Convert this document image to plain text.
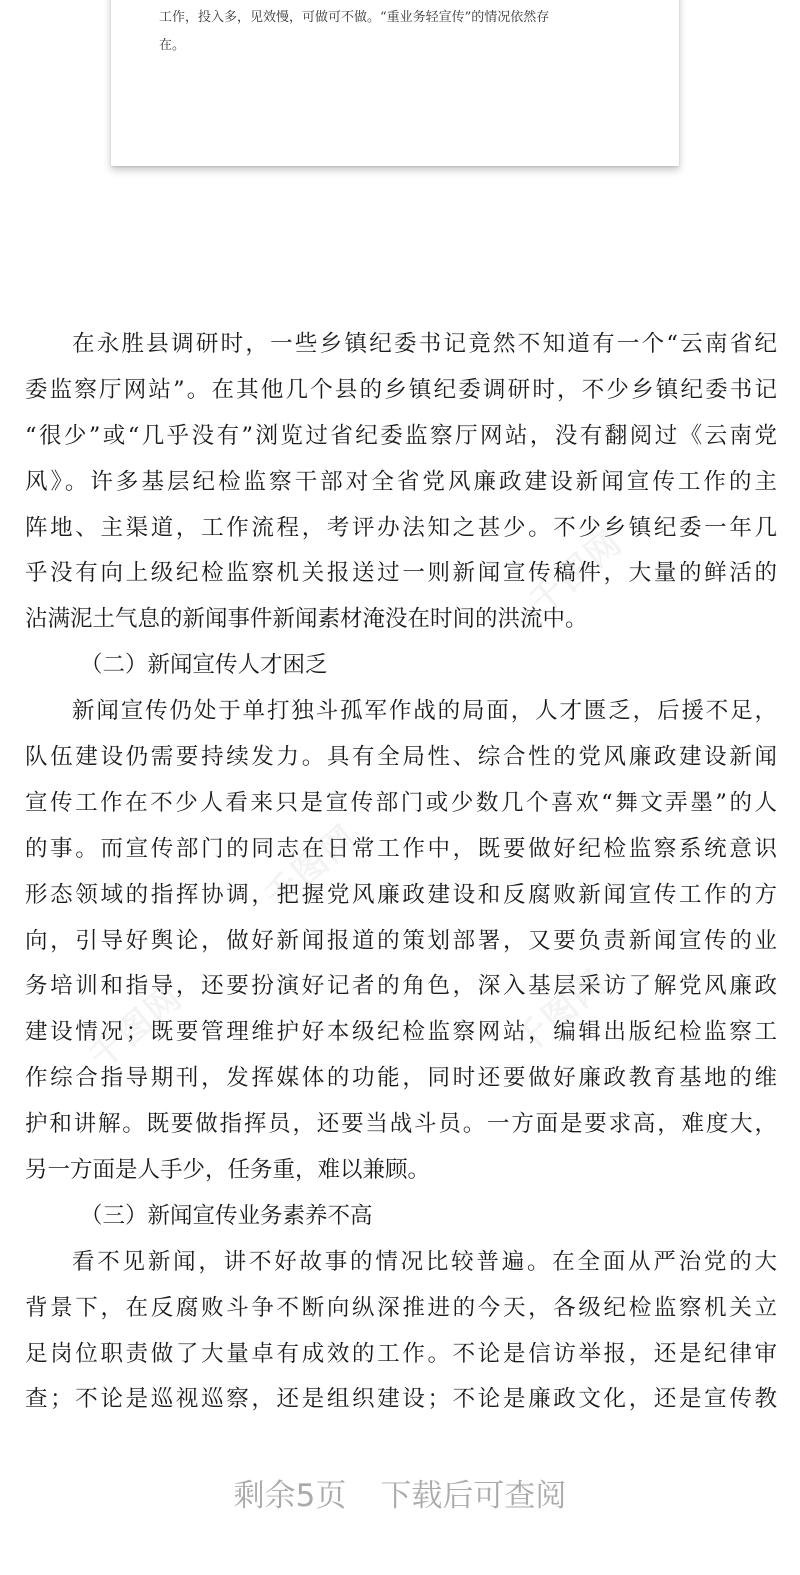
工作，投入多，见效慢，可做可不做。“重业务轻宣传”的情况依然存
在。
千图网
千图网
千图网
千图网
在永胜县调研时，一些乡镇纪委书记竟然不知道有一个“云南省纪
委监察厅网站”。在其他几个县的乡镇纪委调研时，不少乡镇纪委书记
“很少”或“几乎没有”浏览过省纪委监察厅网站，没有翻阅过《云南党
风》。许多基层纪检监察干部对全省党风廉政建设新闻宣传工作的主
阵地、主渠道，工作流程，考评办法知之甚少。不少乡镇纪委一年几
乎没有向上级纪检监察机关报送过一则新闻宣传稿件，大量的鲜活的
沾满泥土气息的新闻事件新闻素材淹没在时间的洪流中。
（二）新闻宣传人才困乏
新闻宣传仍处于单打独斗孤军作战的局面，人才匮乏，后援不足，
队伍建设仍需要持续发力。具有全局性、综合性的党风廉政建设新闻
宣传工作在不少人看来只是宣传部门或少数几个喜欢“舞文弄墨”的人
的事。而宣传部门的同志在日常工作中，既要做好纪检监察系统意识
形态领域的指挥协调，把握党风廉政建设和反腐败新闻宣传工作的方
向，引导好舆论，做好新闻报道的策划部署，又要负责新闻宣传的业
务培训和指导，还要扮演好记者的角色，深入基层采访了解党风廉政
建设情况；既要管理维护好本级纪检监察网站，编辑出版纪检监察工
作综合指导期刊，发挥媒体的功能，同时还要做好廉政教育基地的维
护和讲解。既要做指挥员，还要当战斗员。一方面是要求高，难度大，
另一方面是人手少，任务重，难以兼顾。
（三）新闻宣传业务素养不高
看不见新闻，讲不好故事的情况比较普遍。在全面从严治党的大
背景下，在反腐败斗争不断向纵深推进的今天，各级纪检监察机关立
足岗位职责做了大量卓有成效的工作。不论是信访举报，还是纪律审
查；不论是巡视巡察，还是组织建设；不论是廉政文化，还是宣传教
剩余5页 下载后可查阅
